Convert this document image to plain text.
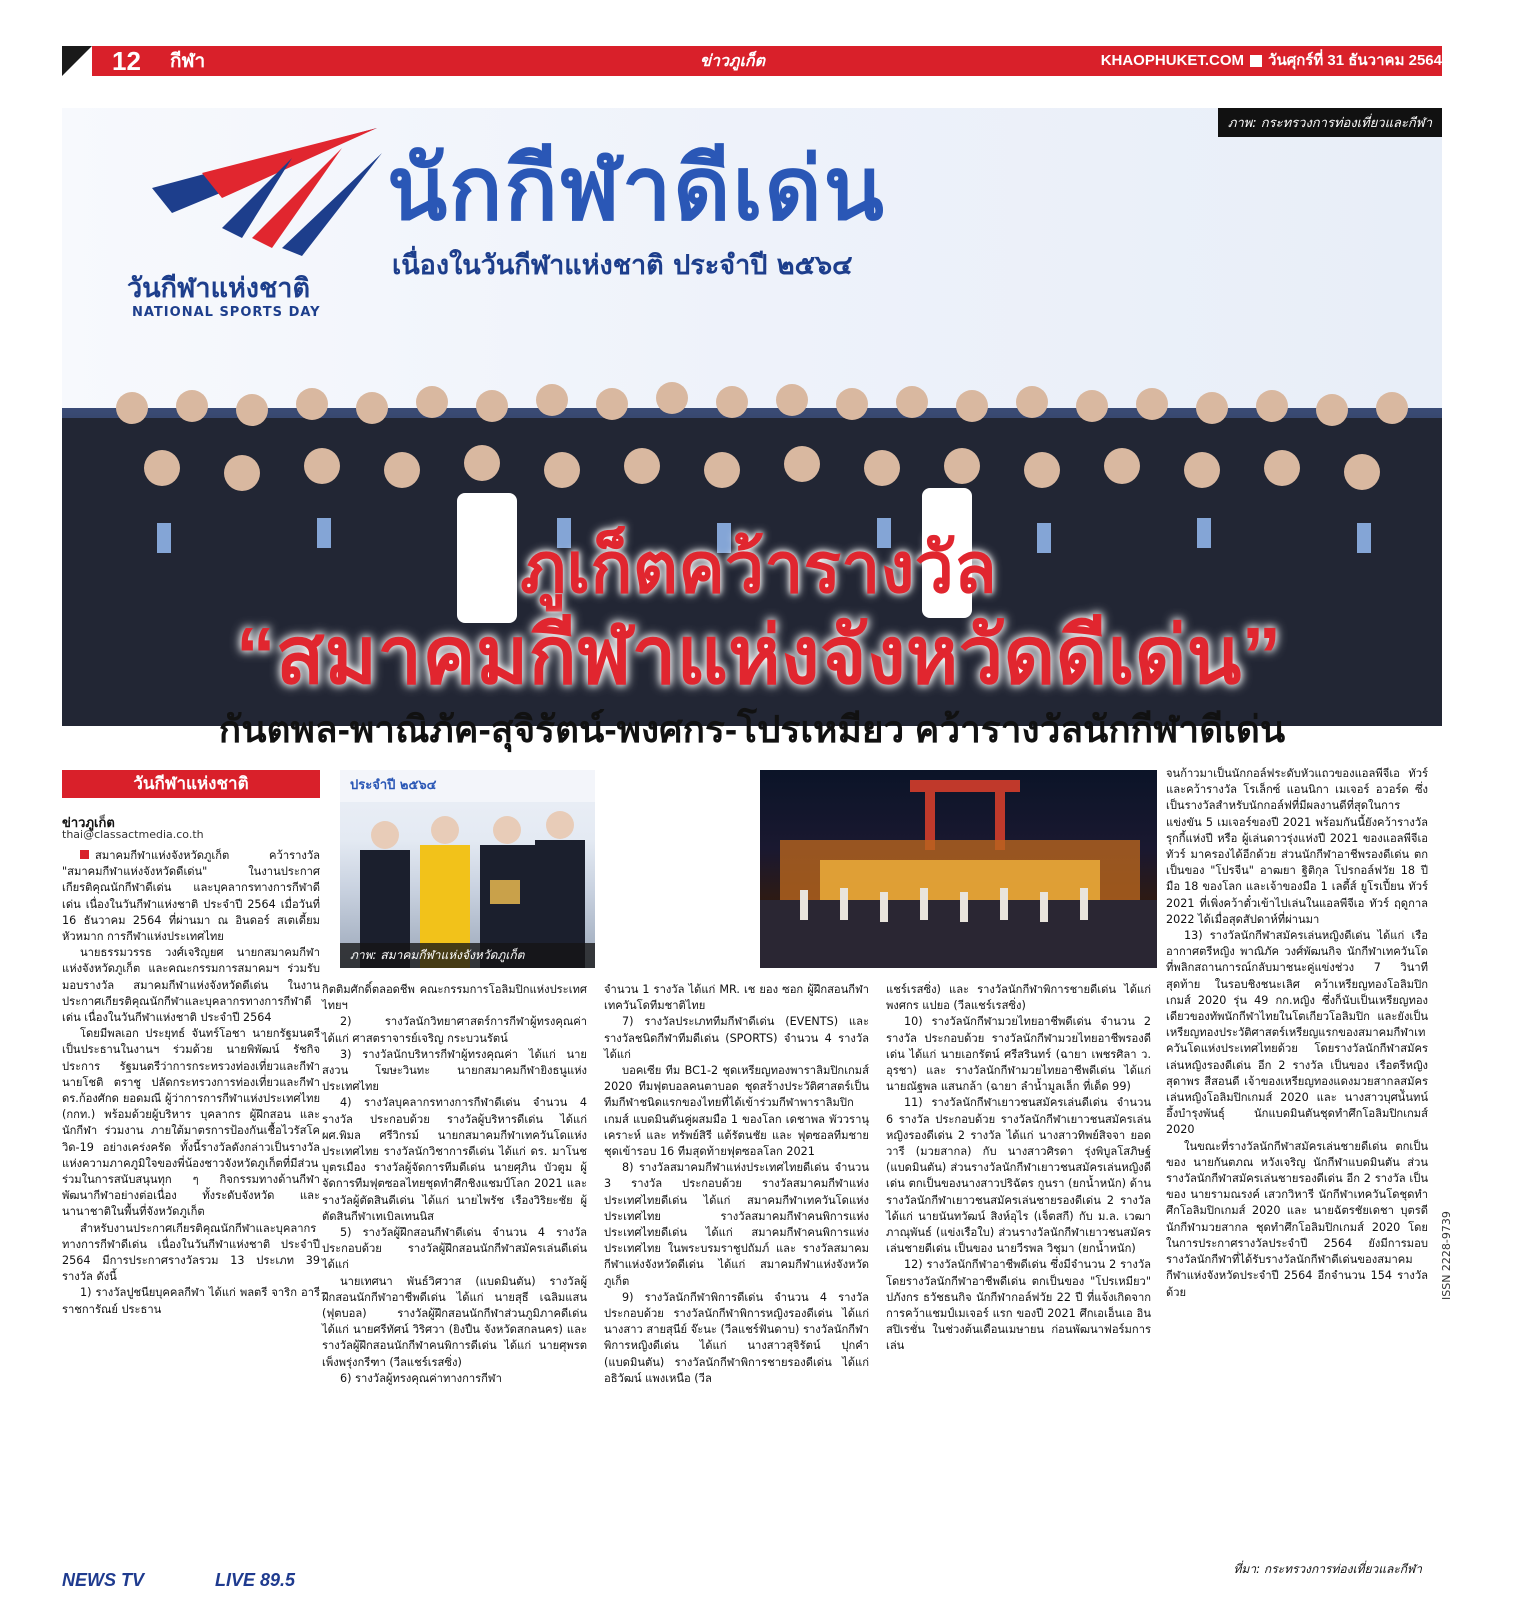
12 กีฬา	ข่าวภูเก็ต	KHAOPHUKET.COM วันศุกร์ที่ 31 ธันวาคม 2564
วันกีฬาแห่งชาติ
NATIONAL SPORTS DAY
นักกีฬาดีเด่น
เนื่องในวันกีฬาแห่งชาติ ประจำปี ๒๕๖๔
ภาพ: กระทรวงการท่องเที่ยวและกีฬา
ภูเก็ตคว้ารางวัล
“สมาคมกีฬาแห่งจังหวัดดีเด่น”
กันตพล-พาณิภัค-สุจิรัตน์-พงศกร-โปรเหมียว คว้ารางวัลนักกีฬาดีเด่น
วันกีฬาแห่งชาติ
ข่าวภูเก็ต
thai@classactmedia.co.th

สมาคมกีฬาแห่งจังหวัดภูเก็ต คว้ารางวัล "สมาคมกีฬาแห่งจังหวัดดีเด่น" ในงานประกาศเกียรติคุณนักกีฬาดีเด่น และบุคลากรทางการกีฬาดีเด่น เนื่องในวันกีฬาแห่งชาติ ประจำปี 2564 เมื่อวันที่ 16 ธันวาคม 2564 ที่ผ่านมา ณ อินดอร์ สเตเดี้ยม หัวหมาก การกีฬาแห่งประเทศไทย

นายธรรมวรรธ วงศ์เจริญยศ นายกสมาคมกีฬาแห่งจังหวัดภูเก็ต และคณะกรรมการสมาคมฯ ร่วมรับมอบรางวัล สมาคมกีฬาแห่งจังหวัดดีเด่น ในงานประกาศเกียรติคุณนักกีฬาและบุคลากรทางการกีฬาดีเด่น เนื่องในวันกีฬาแห่งชาติ ประจำปี 2564

โดยมีพลเอก ประยุทธ์ จันทร์โอชา นายกรัฐมนตรี เป็นประธานในงานฯ ร่วมด้วย นายพิพัฒน์ รัชกิจประการ รัฐมนตรีว่าการกระทรวงท่องเที่ยวและกีฬา นายโชติ ตราชู ปลัดกระทรวงการท่องเที่ยวและกีฬา ดร.ก้องศักด ยอดมณี ผู้ว่าการการกีฬาแห่งประเทศไทย (กกท.) พร้อมด้วยผู้บริหาร บุคลากร ผู้ฝึกสอน และนักกีฬา ร่วมงาน ภายใต้มาตรการป้องกันเชื้อไวรัสโควิด-19 อย่างเคร่งครัด ทั้งนี้รางวัลดังกล่าวเป็นรางวัลแห่งความภาคภูมิใจของพี่น้องชาวจังหวัดภูเก็ตที่มีส่วนร่วมในการสนับสนุนทุก ๆ กิจกรรมทางด้านกีฬา พัฒนากีฬาอย่างต่อเนื่อง ทั้งระดับจังหวัด และนานาชาติในพื้นที่จังหวัดภูเก็ต

สำหรับงานประกาศเกียรติคุณนักกีฬาและบุคลากรทางการกีฬาดีเด่น เนื่องในวันกีฬาแห่งชาติ ประจำปี 2564 มีการประกาศรางวัลรวม 13 ประเภท 39 รางวัล ดังนี้

1) รางวัลปูชนียบุคคลกีฬา ได้แก่ พลตรี จาริก อารีราชการัณย์ ประธาน

ประจำปี ๒๕๖๔
ภาพ: สมาคมกีฬาแห่งจังหวัดภูเก็ต

กิตติมศักดิ์ตลอดชีพ คณะกรรมการโอลิมปิกแห่งประเทศไทยฯ

2) รางวัลนักวิทยาศาสตร์การกีฬาผู้ทรงคุณค่า ได้แก่ ศาสตราจารย์เจริญ กระบวนรัตน์

3) รางวัลนักบริหารกีฬาผู้ทรงคุณค่า ได้แก่ นายสงวน โฆษะวินทะ นายกสมาคมกีฬายิงธนูแห่งประเทศไทย

4) รางวัลบุคลากรทางการกีฬาดีเด่น จำนวน 4 รางวัล ประกอบด้วย รางวัลผู้บริหารดีเด่น ได้แก่ ผศ.พิมล ศรีวิกรม์ นายกสมาคมกีฬาเทควันโดแห่งประเทศไทย รางวัลนักวิชาการดีเด่น ได้แก่ ดร. มาโนช บุตรเมือง รางวัลผู้จัดการทีมดีเด่น นายศุภิน บัวตูม ผู้จัดการทีมฟุตซอลไทยชุดทำศึกชิงแชมป์โลก 2021 และรางวัลผู้ตัดสินดีเด่น ได้แก่ นายไพรัช เรืองวิริยะชัย ผู้ตัดสินกีฬาเทเบิลเทนนิส

5) รางวัลผู้ฝึกสอนกีฬาดีเด่น จำนวน 4 รางวัล ประกอบด้วย รางวัลผู้ฝึกสอนนักกีฬาสมัครเล่นดีเด่น ได้แก่

นายเทศนา พันธ์วิศวาส (แบดมินตัน) รางวัลผู้ฝึกสอนนักกีฬาอาชีพดีเด่น ได้แก่ นายสุธี เฉลิมแสน (ฟุตบอล) รางวัลผู้ฝึกสอนนักกีฬาส่วนภูมิภาคดีเด่น ได้แก่ นายศรีทัศน์ วิริศวา (ยิงปืน จังหวัดสกลนคร) และรางวัลผู้ฝึกสอนนักกีฬาคนพิการดีเด่น ได้แก่ นายศุพรต เพ็งพรุ่งกรีฑา (วีลแชร์เรสซิ่ง)

6) รางวัลผู้ทรงคุณค่าทางการกีฬา

จำนวน 1 รางวัล ได้แก่ MR. เช ยอง ซอก ผู้ฝึกสอนกีฬาเทควันโดทีมชาติไทย

7) รางวัลประเภททีมกีฬาดีเด่น (EVENTS) และรางวัลชนิดกีฬาทีมดีเด่น (SPORTS) จำนวน 4 รางวัล ได้แก่

บอคเซีย ทีม BC1-2 ชุดเหรียญทองพาราลิมปิกเกมส์ 2020 ทีมฟุตบอลคนตาบอด ชุดสร้างประวัติศาสตร์เป็นทีมกีฬาชนิดแรกของไทยที่ได้เข้าร่วมกีฬาพาราลิมปิกเกมส์ แบดมินตันคู่ผสมมือ 1 ของโลก เดชาพล พัววรานุเคราะห์ และ ทรัพย์สิรี แต้รัตนชัย และ ฟุตซอลทีมชายชุดเข้ารอบ 16 ทีมสุดท้ายฟุตซอลโลก 2021

8) รางวัลสมาคมกีฬาแห่งประเทศไทยดีเด่น จำนวน 3 รางวัล ประกอบด้วย รางวัลสมาคมกีฬาแห่งประเทศไทยดีเด่น ได้แก่ สมาคมกีฬาเทควันโดแห่งประเทศไทย รางวัลสมาคมกีฬาคนพิการแห่งประเทศไทยดีเด่น ได้แก่ สมาคมกีฬาคนพิการแห่งประเทศไทย ในพระบรมราชูปถัมภ์ และ รางวัลสมาคมกีฬาแห่งจังหวัดดีเด่น ได้แก่ สมาคมกีฬาแห่งจังหวัดภูเก็ต

9) รางวัลนักกีฬาพิการดีเด่น จำนวน 4 รางวัล ประกอบด้วย รางวัลนักกีฬาพิการหญิงรองดีเด่น ได้แก่ นางสาว สายสุนีย์ จ๊ะนะ (วีลแชร์ฟันดาบ) รางวัลนักกีฬาพิการหญิงดีเด่น ได้แก่ นางสาวสุจิรัตน์ ปุกคำ (แบดมินตัน) รางวัลนักกีฬาพิการชายรองดีเด่น ได้แก่ อธิวัฒน์ แพงเหนือ (วีล

แชร์เรสซิ่ง) และ รางวัลนักกีฬาพิการชายดีเด่น ได้แก่ พงศกร แปยอ (วีลแชร์เรสซิ่ง)

10) รางวัลนักกีฬามวยไทยอาชีพดีเด่น จำนวน 2 รางวัล ประกอบด้วย รางวัลนักกีฬามวยไทยอาชีพรองดีเด่น ได้แก่ นายเอกรัตน์ ศรีสรินทร์ (ฉายา เพชรศิลา ว. อุรชา) และ รางวัลนักกีฬามวยไทยอาชีพดีเด่น ได้แก่ นายณัฐพล แสนกล้า (ฉายา ลำน้ำมูลเล็ก ที่เด็ด 99)

11) รางวัลนักกีฬาเยาวชนสมัครเล่นดีเด่น จำนวน 6 รางวัล ประกอบด้วย รางวัลนักกีฬาเยาวชนสมัครเล่นหญิงรองดีเด่น 2 รางวัล ได้แก่ นางสาวทิพย์สิจจา ยอดวารี (มวยสากล) กับ นางสาวศิรดา รุ่งพิบูลโสภิษฐ์ (แบดมินตัน) ส่วนรางวัลนักกีฬาเยาวชนสมัครเล่นหญิงดีเด่น ตกเป็นของนางสาวปริฉัตร กูนรา (ยกน้ำหนัก) ด้านรางวัลนักกีฬาเยาวชนสมัครเล่นชายรองดีเด่น 2 รางวัล ได้แก่ นายนันทวัฒน์ สิงห์อุไร (เจ็ตสกี) กับ ม.ล. เวฒา ภาณุพันธ์ (แข่งเรือใบ) ส่วนรางวัลนักกีฬาเยาวชนสมัครเล่นชายดีเด่น เป็นของ นายวีรพล วิชุมา (ยกน้ำหนัก)

12) รางวัลนักกีฬาอาชีพดีเด่น ซึ่งมีจำนวน 2 รางวัล โดยรางวัลนักกีฬาอาชีพดีเด่น ตกเป็นของ "โปรเหมียว" ปภังกร ธวัชธนกิจ นักกีฬากอล์ฟวัย 22 ปี ที่แจ้งเกิดจากการคว้าแชมป์เมเจอร์ แรก ของปี 2021 ศึกเอเอ็นเอ อินสปิเรชั่น ในช่วงต้นเดือนเมษายน ก่อนพัฒนาฟอร์มการเล่น

จนก้าวมาเป็นนักกอล์ฟระดับหัวแถวของแอลพีจีเอ ทัวร์ และคว้ารางวัล โรเล็กซ์ แอนนิกา เมเจอร์ อวอร์ด ซึ่งเป็นรางวัลสำหรับนักกอล์ฟที่มีผลงานดีที่สุดในการแข่งขัน 5 เมเจอร์ของปี 2021 พร้อมกันนี้ยังคว้ารางวัลรุกกี้แห่งปี หรือ ผู้เล่นดาวรุ่งแห่งปี 2021 ของแอลพีจีเอ ทัวร์ มาครองได้อีกด้วย ส่วนนักกีฬาอาชีพรองดีเด่น ตกเป็นของ "โปรจีน" อาฒยา ฐิติกุล โปรกอล์ฟวัย 18 ปี มือ 18 ของโลก และเจ้าของมือ 1 เลดี้ส์ ยูโรเปี้ยน ทัวร์ 2021 ที่เพิ่งคว้าตั๋วเข้าไปเล่นในแอลพีจีเอ ทัวร์ ฤดูกาล 2022 ได้เมื่อสุดสัปดาห์ที่ผ่านมา

13) รางวัลนักกีฬาสมัครเล่นหญิงดีเด่น ได้แก่ เรืออากาศตรีหญิง พาณิภัค วงศ์พัฒนกิจ นักกีฬาเทควันโด ที่พลิกสถานการณ์กลับมาชนะคู่แข่งช่วง 7 วินาทีสุดท้าย ในรอบชิงชนะเลิศ คว้าเหรียญทองโอลิมปิกเกมส์ 2020 รุ่น 49 กก.หญิง ซึ่งก็นับเป็นเหรียญทองเดียวของทัพนักกีฬาไทยในโตเกียวโอลิมปิก และยังเป็นเหรียญทองประวัติศาสตร์เหรียญแรกของสมาคมกีฬาเทควันโดแห่งประเทศไทยด้วย โดยรางวัลนักกีฬาสมัครเล่นหญิงรองดีเด่น อีก 2 รางวัล เป็นของ เรือตรีหญิง สุดาพร สีสอนดี เจ้าของเหรียญทองแดงมวยสากลสมัครเล่นหญิงโอลิมปิกเกมส์ 2020 และ นางสาวบุศน์ันทน์ อึ้งบำรุงพันธุ์ นักแบดมินตันชุดทำศึกโอลิมปิกเกมส์ 2020

ในขณะที่รางวัลนักกีฬาสมัครเล่นชายดีเด่น ตกเป็นของ นายกันตภณ หวังเจริญ นักกีฬาแบดมินตัน ส่วนรางวัลนักกีฬาสมัครเล่นชายรองดีเด่น อีก 2 รางวัล เป็นของ นายรามณรงค์ เสวกวิหารี นักกีฬาเทควันโดชุดทำศึกโอลิมปิกเกมส์ 2020 และ นายฉัตรชัยเดชา บุตรดี นักกีฬามวยสากล ชุดทำศึกโอลิมปิกเกมส์ 2020 โดยในการประกาศรางวัลประจำปี 2564 ยังมีการมอบรางวัลนักกีฬาที่ได้รับรางวัลนักกีฬาดีเด่นของสมาคมกีฬาแห่งจังหวัดประจำปี 2564 อีกจำนวน 154 รางวัลด้วย

ที่มา: กระทรวงการท่องเที่ยวและกีฬา
ISSN 2228-9739
NEWS TV	LIVE 89.5
